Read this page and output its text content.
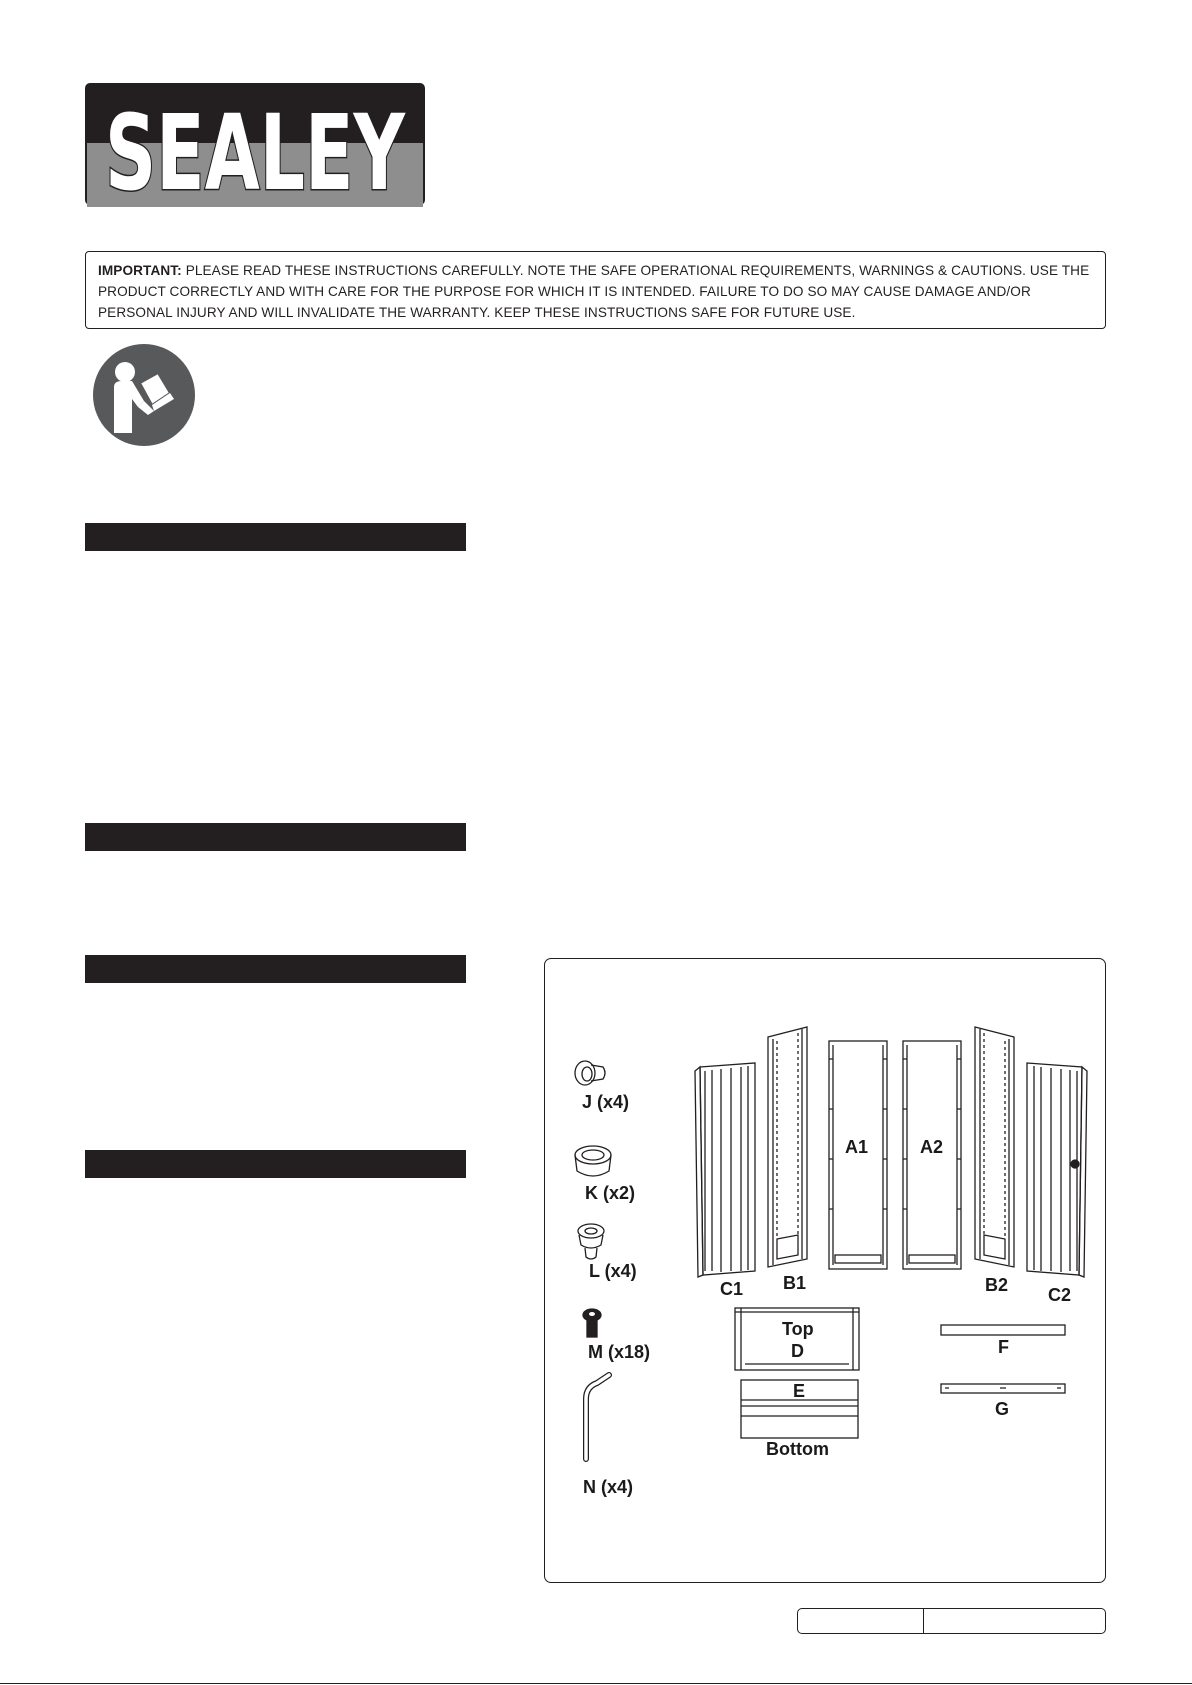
SEALEY
IMPORTANT: PLEASE READ THESE INSTRUCTIONS CAREFULLY. NOTE THE SAFE OPERATIONAL REQUIREMENTS, WARNINGS & CAUTIONS. USE THE PRODUCT CORRECTLY AND WITH CARE FOR THE PURPOSE FOR WHICH IT IS INTENDED. FAILURE TO DO SO MAY CAUSE DAMAGE AND/OR PERSONAL INJURY AND WILL INVALIDATE THE WARRANTY. KEEP THESE INSTRUCTIONS SAFE FOR FUTURE USE.
J (x4)
K (x2)
L (x4)
M (x18)
N (x4)
C1 B1
A1	A2
B2 C2
Top
D
E
Bottom
F
G
